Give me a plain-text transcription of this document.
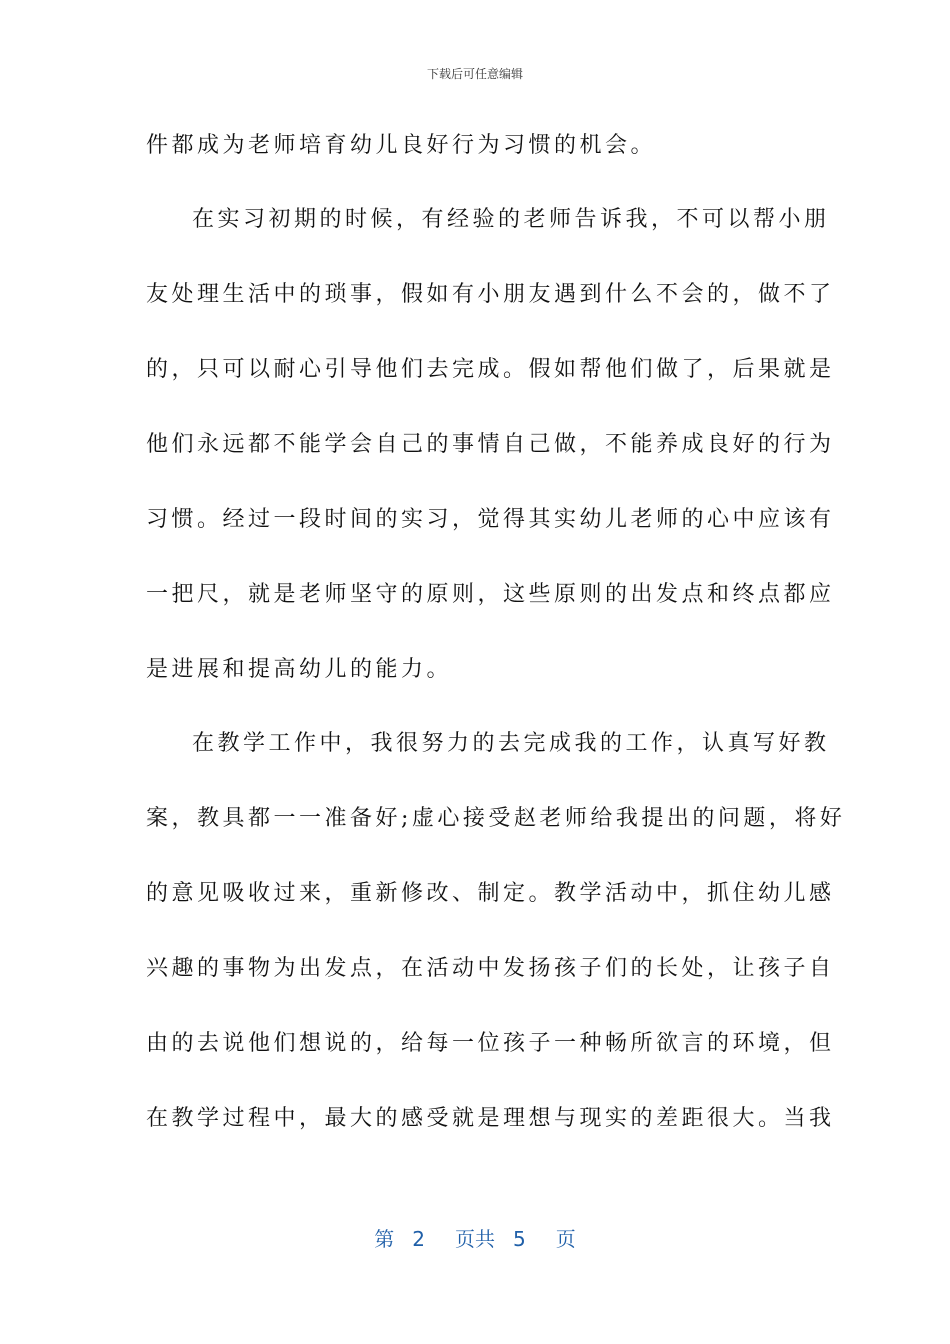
下载后可任意编辑
件都成为老师培育幼儿良好行为习惯的机会。
在实习初期的时候，有经验的老师告诉我，不可以帮小朋
友处理生活中的琐事，假如有小朋友遇到什么不会的，做不了
的，只可以耐心引导他们去完成。假如帮他们做了，后果就是
他们永远都不能学会自己的事情自己做，不能养成良好的行为
习惯。经过一段时间的实习，觉得其实幼儿老师的心中应该有
一把尺，就是老师坚守的原则，这些原则的出发点和终点都应
是进展和提高幼儿的能力。
在教学工作中，我很努力的去完成我的工作，认真写好教
案，教具都一一准备好;虚心接受赵老师给我提出的问题，将好
的意见吸收过来，重新修改、制定。教学活动中，抓住幼儿感
兴趣的事物为出发点，在活动中发扬孩子们的长处，让孩子自
由的去说他们想说的，给每一位孩子一种畅所欲言的环境，但
在教学过程中，最大的感受就是理想与现实的差距很大。当我
第 2 页共 5 页
